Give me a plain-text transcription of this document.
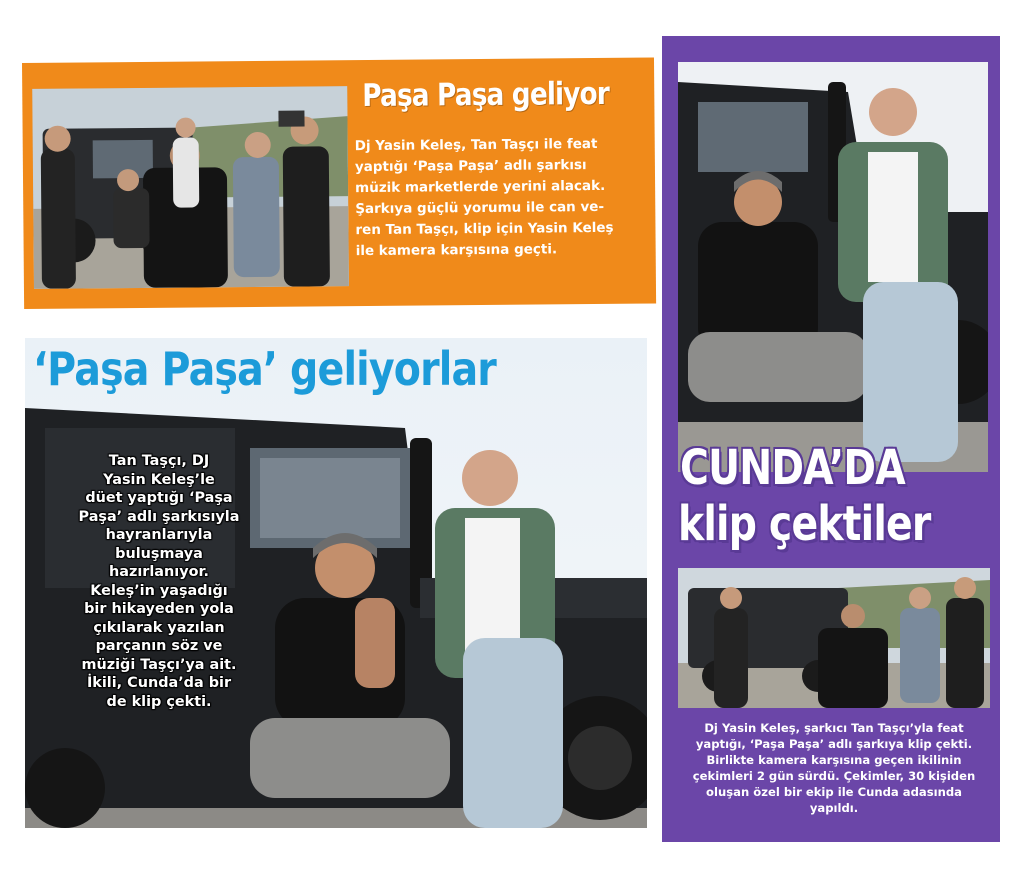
Paşa Paşa geliyor
Dj Yasin Keleş, Tan Taşçı ile feat
yaptığı ‘Paşa Paşa’ adlı şarkısı
müzik marketlerde yerini alacak.
Şarkıya güçlü yorumu ile can ve-
ren Tan Taşçı, klip için Yasin Keleş
ile kamera karşısına geçti.
‘Paşa Paşa’ geliyorlar
Tan Taşçı, DJ
Yasin Keleş’le
düet yaptığı ‘Paşa
Paşa’ adlı şarkısıyla
hayranlarıyla
buluşmaya
hazırlanıyor.
Keleş’in yaşadığı
bir hikayeden yola
çıkılarak yazılan
parçanın söz ve
müziği Taşçı’ya ait.
İkili, Cunda’da bir
de klip çekti.
CUNDA’DA
klip çektiler
Dj Yasin Keleş, şarkıcı Tan Taşçı’yla feat
yaptığı, ‘Paşa Paşa’ adlı şarkıya klip çekti.
Birlikte kamera karşısına geçen ikilinin
çekimleri 2 gün sürdü. Çekimler, 30 kişiden
oluşan özel bir ekip ile Cunda adasında
yapıldı.
